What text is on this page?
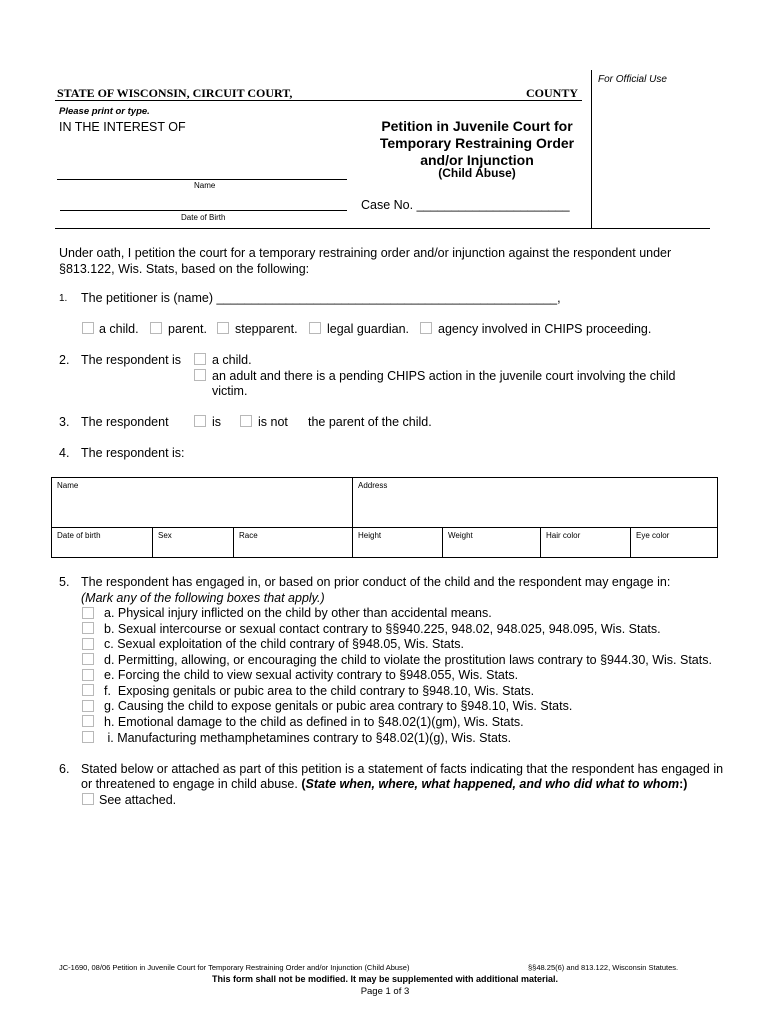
For Official Use
STATE OF WISCONSIN, CIRCUIT COURT,	COUNTY
Please print or type.
IN THE INTEREST OF
Name
Date of Birth
Petition in Juvenile Court for
Temporary Restraining Order
and/or Injunction
(Child Abuse)
Case No. ______________________
Under oath, I petition the court for a temporary restraining order and/or injunction against the respondent under §813.122, Wis. Stats, based on the following:
1. The petitioner is (name) _________________________________________________,
a child. parent. stepparent. legal guardian. agency involved in CHIPS proceeding.
2. The respondent is a child.
an adult and there is a pending CHIPS action in the juvenile court involving the child
victim.
3. The respondent	is	is not the parent of the child.
4. The respondent is:
Name			Address			
Date of birth	Sex	Race	Height	Weight	Hair color	Eye color
5. The respondent has engaged in, or based on prior conduct of the child and the respondent may engage in:
(Mark any of the following boxes that apply.)
a. Physical injury inflicted on the child by other than accidental means.
b. Sexual intercourse or sexual contact contrary to §§940.225, 948.02, 948.025, 948.095, Wis. Stats.
c. Sexual exploitation of the child contrary of §948.05, Wis. Stats.
d. Permitting, allowing, or encouraging the child to violate the prostitution laws contrary to §944.30, Wis. Stats.
e. Forcing the child to view sexual activity contrary to §948.055, Wis. Stats.
f.  Exposing genitals or pubic area to the child contrary to §948.10, Wis. Stats.
g. Causing the child to expose genitals or pubic area contrary to §948.10, Wis. Stats.
h. Emotional damage to the child as defined in to §48.02(1)(gm), Wis. Stats.
i. Manufacturing methamphetamines contrary to §48.02(1)(g), Wis. Stats.
6. Stated below or attached as part of this petition is a statement of facts indicating that the respondent has engaged in
or threatened to engage in child abuse. (State when, where, what happened, and who did what to whom:)
See attached.
JC-1690, 08/06 Petition in Juvenile Court for Temporary Restraining Order and/or Injunction (Child Abuse)	§§48.25(6) and 813.122, Wisconsin Statutes.
This form shall not be modified. It may be supplemented with additional material.
Page 1 of 3
